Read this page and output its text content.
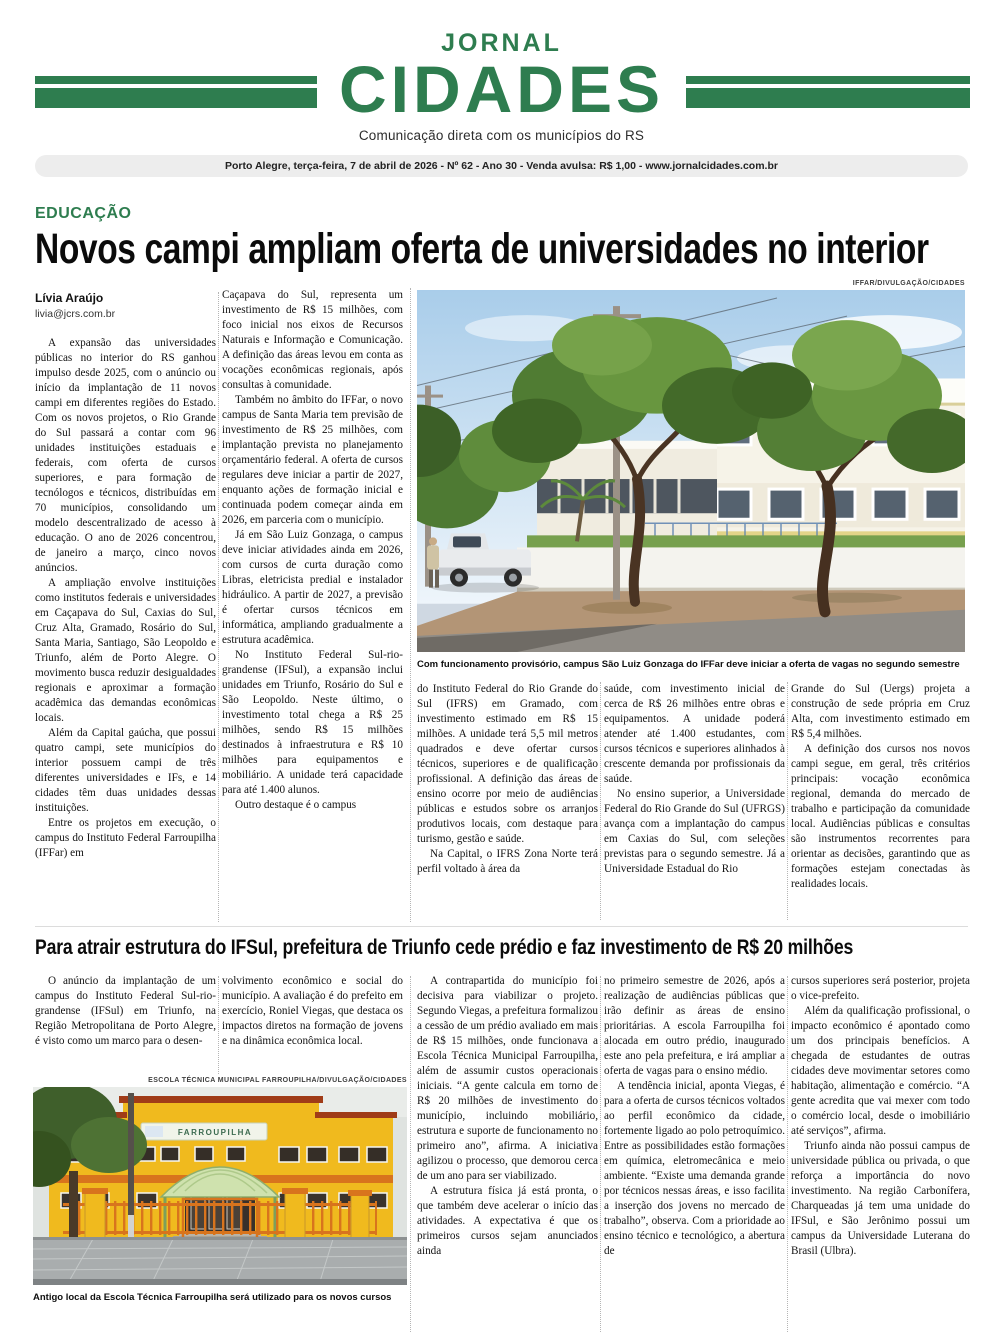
JORNAL
CIDADES
Comunicação direta com os municípios do RS
Porto Alegre, terça-feira, 7 de abril de 2026 - Nº 62 - Ano 30 - Venda avulsa: R$ 1,00 - www.jornalcidades.com.br
EDUCAÇÃO
Novos campi ampliam oferta de universidades no interior
Lívia Araújo
livia@jcrs.com.br

A expansão das universidades públicas no interior do RS ganhou impulso desde 2025, com o anúncio ou início da implantação de 11 novos campi em diferentes regiões do Estado. Com os novos projetos, o Rio Grande do Sul passará a contar com 96 unidades instituições estaduais e federais, com oferta de cursos superiores, e para formação de tecnólogos e técnicos, distribuídas em 70 municípios, consolidando um modelo descentralizado de acesso à educação. O ano de 2026 concentrou, de janeiro a março, cinco novos anúncios.

A ampliação envolve instituições como institutos federais e universidades em Caçapava do Sul, Caxias do Sul, Cruz Alta, Gramado, Rosário do Sul, Santa Maria, Santiago, São Leopoldo e Triunfo, além de Porto Alegre. O movimento busca reduzir desigualdades regionais e aproximar a formação acadêmica das demandas econômicas locais.

Além da Capital gaúcha, que possui quatro campi, sete municípios do interior possuem campi de três diferentes universidades e IFs, e 14 cidades têm duas unidades dessas instituições.

Entre os projetos em execução, o campus do Instituto Federal Farroupilha (IFFar) em

Caçapava do Sul, representa um investimento de R$ 15 milhões, com foco inicial nos eixos de Recursos Naturais e Informação e Comunicação. A definição das áreas levou em conta as vocações econômicas regionais, após consultas à comunidade.

Também no âmbito do IFFar, o novo campus de Santa Maria tem previsão de investimento de R$ 25 milhões, com implantação prevista no planejamento orçamentário federal. A oferta de cursos regulares deve iniciar a partir de 2027, enquanto ações de formação inicial e continuada podem começar ainda em 2026, em parceria com o município.

Já em São Luiz Gonzaga, o campus deve iniciar atividades ainda em 2026, com cursos de curta duração como Libras, eletricista predial e instalador hidráulico. A partir de 2027, a previsão é ofertar cursos técnicos em informática, ampliando gradualmente a estrutura acadêmica.

No Instituto Federal Sul-rio-grandense (IFSul), a expansão inclui unidades em Triunfo, Rosário do Sul e São Leopoldo. Neste último, o investimento total chega a R$ 25 milhões, sendo R$ 15 milhões destinados à infraestrutura e R$ 10 milhões para equipamentos e mobiliário. A unidade terá capacidade para até 1.400 alunos.

Outro destaque é o campus

do Instituto Federal do Rio Grande do Sul (IFRS) em Gramado, com investimento estimado em R$ 15 milhões. A unidade terá 5,5 mil metros quadrados e deve ofertar cursos técnicos, superiores e de qualificação profissional. A definição das áreas de ensino ocorre por meio de audiências públicas e estudos sobre os arranjos produtivos locais, com destaque para turismo, gestão e saúde.

Na Capital, o IFRS Zona Norte terá perfil voltado à área da

saúde, com investimento inicial de cerca de R$ 26 milhões entre obras e equipamentos. A unidade poderá atender até 1.400 estudantes, com cursos técnicos e superiores alinhados à crescente demanda por profissionais da saúde.

No ensino superior, a Universidade Federal do Rio Grande do Sul (UFRGS) avança com a implantação do campus em Caxias do Sul, com seleções previstas para o segundo semestre. Já a Universidade Estadual do Rio

Grande do Sul (Uergs) projeta a construção de sede própria em Cruz Alta, com investimento estimado em R$ 5,4 milhões.

A definição dos cursos nos novos campi segue, em geral, três critérios principais: vocação econômica regional, demanda do mercado de trabalho e participação da comunidade local. Audiências públicas e consultas são instrumentos recorrentes para orientar as decisões, garantindo que as formações estejam conectadas às realidades locais.

IFFAR/DIVULGAÇÃO/CIDADES
Com funcionamento provisório, campus São Luiz Gonzaga do IFFar deve iniciar a oferta de vagas no segundo semestre
Para atrair estrutura do IFSul, prefeitura de Triunfo cede prédio e faz investimento de R$ 20 milhões

O anúncio da implantação de um campus do Instituto Federal Sul-rio-grandense (IFSul) em Triunfo, na Região Metropolitana de Porto Alegre, é visto como um marco para o desen-

volvimento econômico e social do município. A avaliação é do prefeito em exercício, Roniel Viegas, que destaca os impactos diretos na formação de jovens e na dinâmica econômica local.

A contrapartida do município foi decisiva para viabilizar o projeto. Segundo Viegas, a prefeitura formalizou a cessão de um prédio avaliado em mais de R$ 15 milhões, onde funcionava a Escola Técnica Municipal Farroupilha, além de assumir custos operacionais iniciais. “A gente calcula em torno de R$ 20 milhões de investimento do município, incluindo mobiliário, estrutura e suporte de funcionamento no primeiro ano”, afirma. A iniciativa agilizou o processo, que demorou cerca de um ano para ser viabilizado.

A estrutura física já está pronta, o que também deve acelerar o início das atividades. A expectativa é que os primeiros cursos sejam anunciados ainda

no primeiro semestre de 2026, após a realização de audiências públicas que irão definir as áreas de ensino prioritárias. A escola Farroupilha foi alocada em outro prédio, inaugurado este ano pela prefeitura, e irá ampliar a oferta de vagas para o ensino médio.

A tendência inicial, aponta Viegas, é para a oferta de cursos técnicos voltados ao perfil econômico da cidade, fortemente ligado ao polo petroquímico. Entre as possibilidades estão formações em química, eletromecânica e meio ambiente. “Existe uma demanda grande por técnicos nessas áreas, e isso facilita a inserção dos jovens no mercado de trabalho”, observa. Com a prioridade ao ensino técnico e tecnológico, a abertura de

cursos superiores será posterior, projeta o vice-prefeito.

Além da qualificação profissional, o impacto econômico é apontado como um dos principais benefícios. A chegada de estudantes de outras cidades deve movimentar setores como habitação, alimentação e comércio. “A gente acredita que vai mexer com todo o comércio local, desde o imobiliário até serviços”, afirma.

Triunfo ainda não possui campus de universidade pública ou privada, o que reforça a importância do novo investimento. Na região Carbonífera, Charqueadas já tem uma unidade do IFSul, e São Jerônimo possui um campus da Universidade Luterana do Brasil (Ulbra).

ESCOLA TÉCNICA MUNICIPAL FARROUPILHA/DIVULGAÇÃO/CIDADES
FARROUPILHA
Antigo local da Escola Técnica Farroupilha será utilizado para os novos cursos
